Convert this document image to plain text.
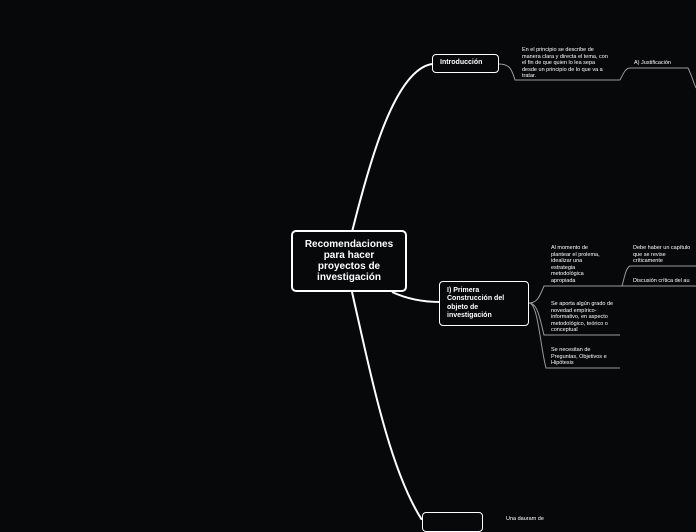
Recomendaciones para hacer proyectos de investigación
Introducción
I) Primera Construcción del objeto de investigación
En el principio se describe de manera clara y directa el tema, con el fin de que quien lo lea sepa desde un principio de lo que va a tratar.
A) Justificación
Al momento de plantear el prolema, idealizar una estrategia metodológica apropiada
Debe haber un capítulo que se revise críticamente
Discusión crítica del au
Se aporta algún grado de novedad empírico-informativo, en aspecto metodológico, teórico o conceptual
Se necesitan de Preguntas, Objetivos e Hipótesis
Una dauram de
